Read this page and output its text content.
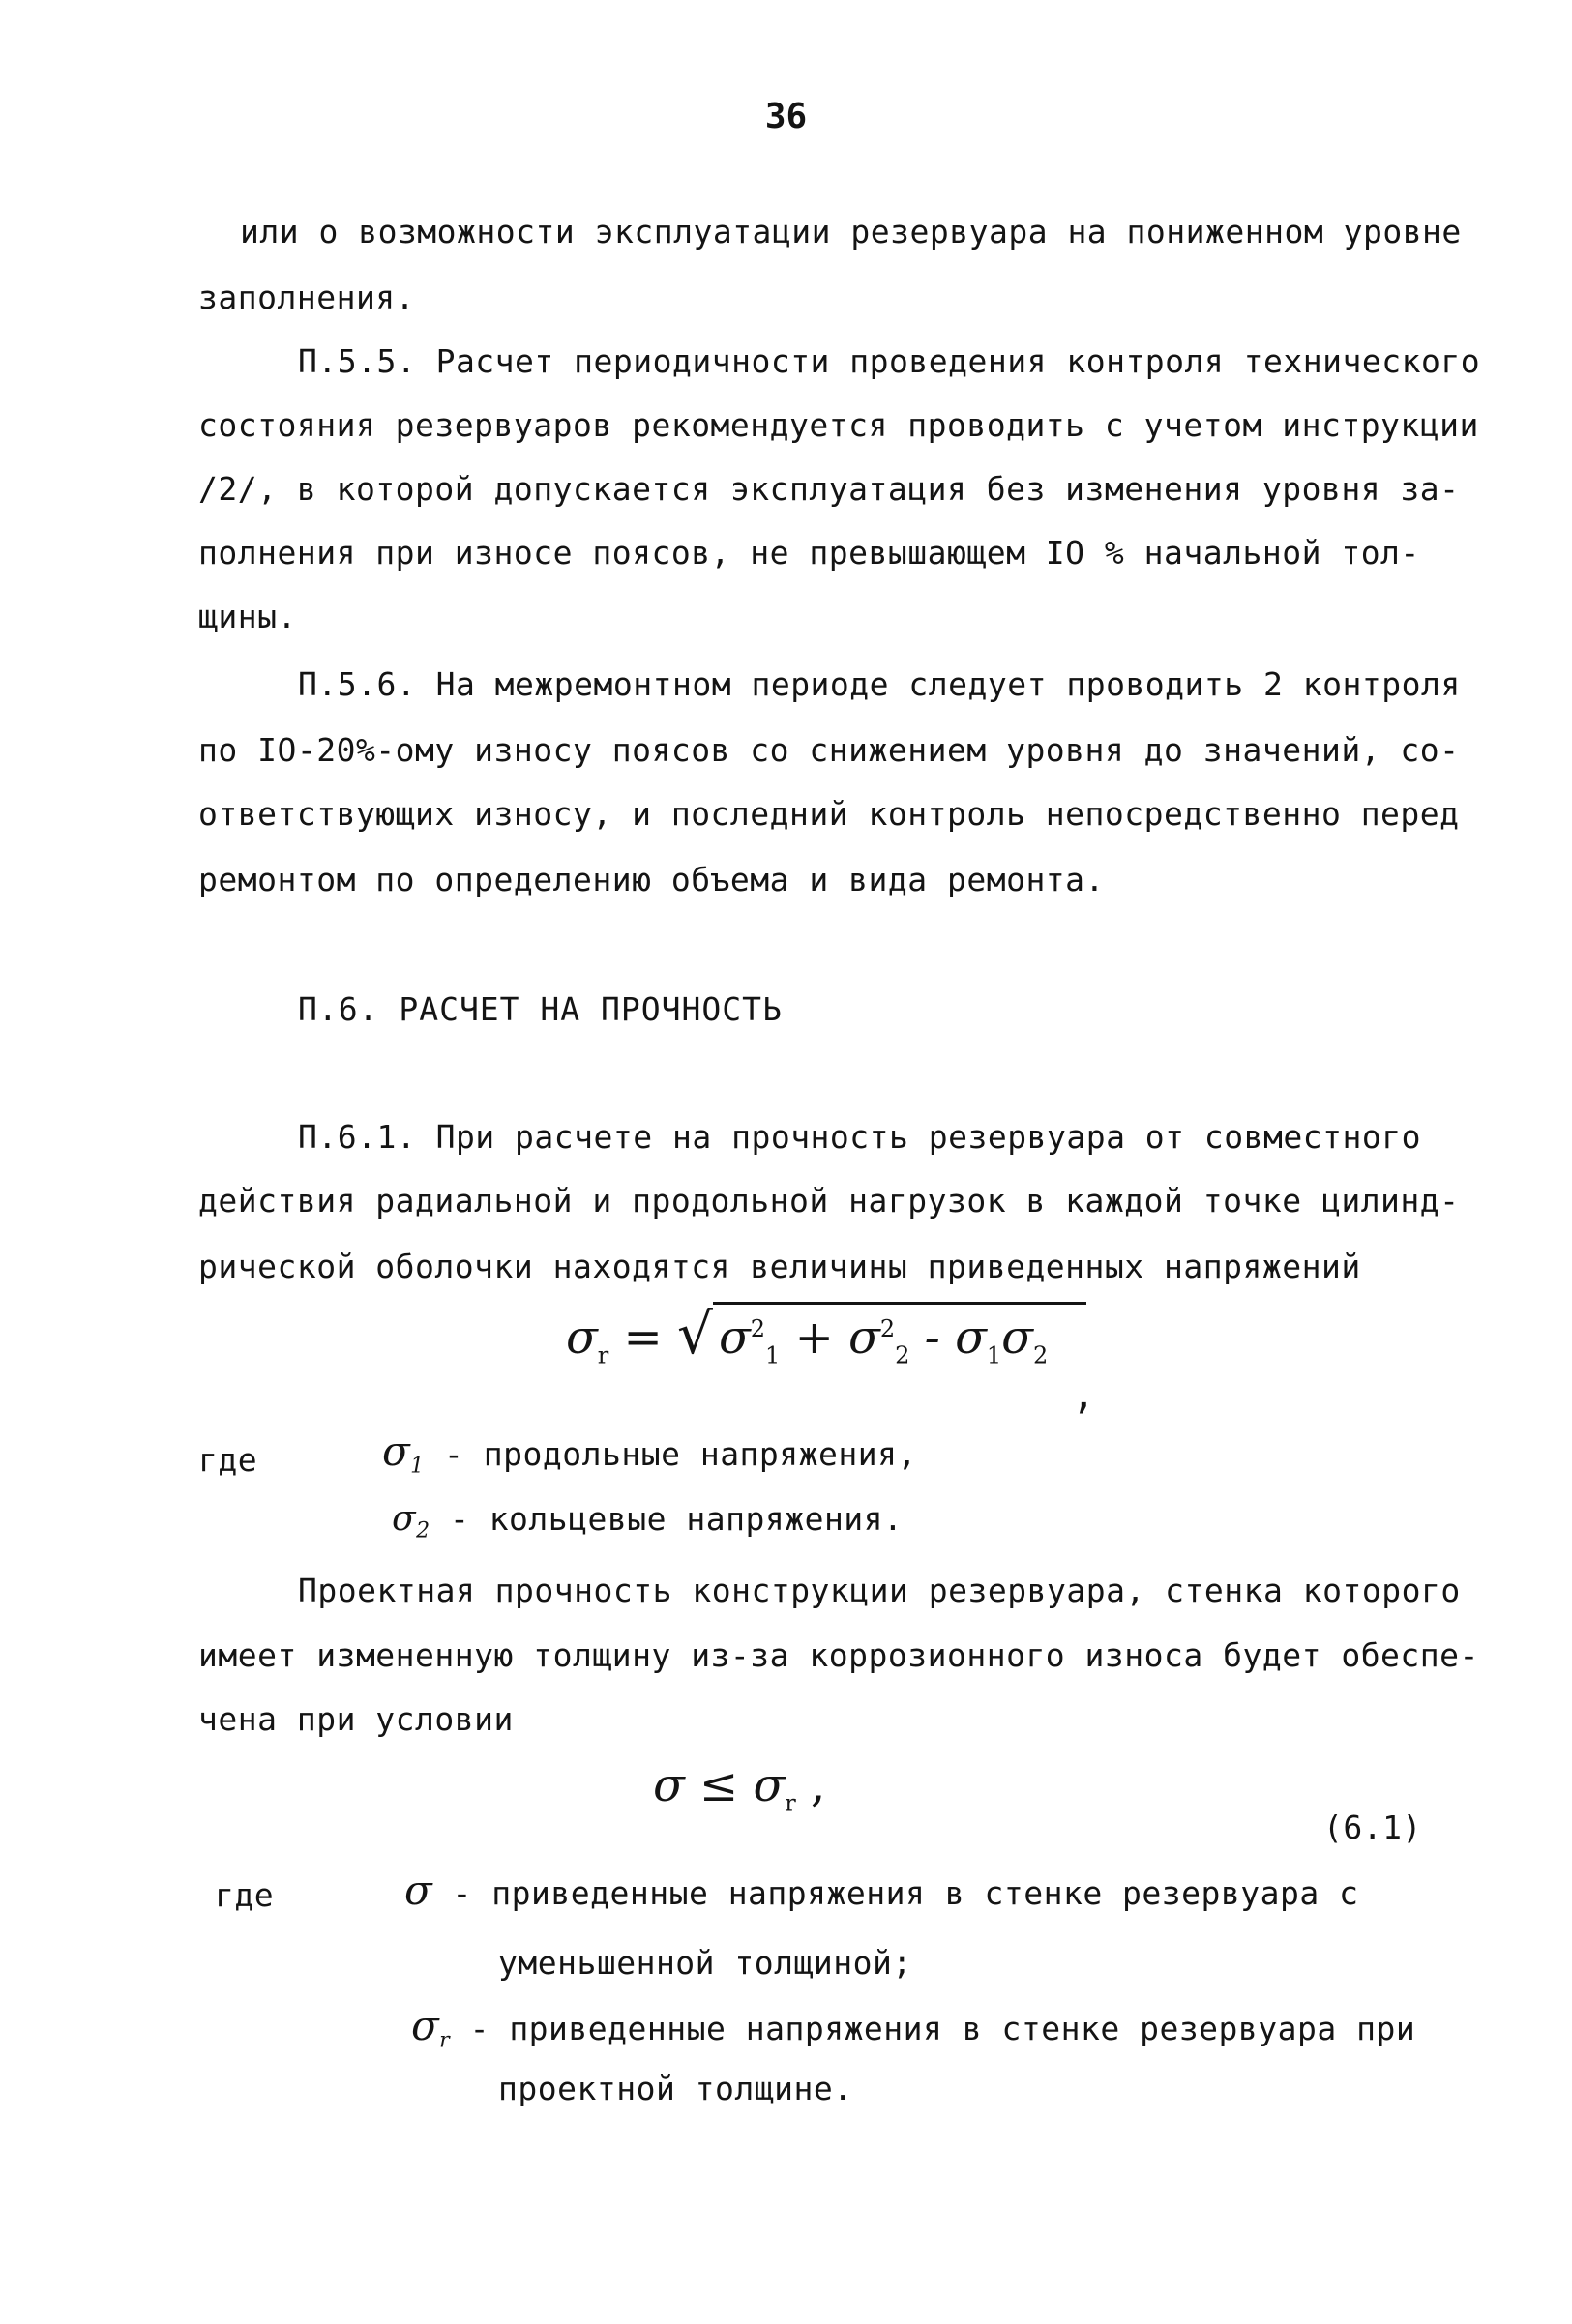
36
или о возможности эксплуатации резервуара на пониженном уровне
заполнения.
П.5.5. Расчет периодичности проведения контроля технического
состояния резервуаров рекомендуется проводить с учетом инструкции
/2/, в которой допускается эксплуатация без изменения уровня за-
полнения при износе поясов, не превышающем IO % начальной тол-
щины.
П.5.6. На межремонтном периоде следует проводить 2 контроля
по IO-20%-ому износу поясов со снижением уровня до значений, со-
ответствующих износу, и последний контроль непосредственно перед
ремонтом по определению объема и вида ремонта.
П.6. РАСЧЕТ НА ПРОЧНОСТЬ
П.6.1. При расчете на прочность резервуара от совместного
действия радиальной и продольной нагрузок в каждой точке цилинд-
рической оболочки находятся величины приведенных напряжений
$\sigma_r$ = √ $\sigma^2_1 + \sigma^2_2 - \sigma_1\sigma_2$
,
где	$\sigma_1$ - продольные напряжения,
$\sigma_2$ - кольцевые напряжения.
Проектная прочность конструкции резервуара, стенка которого
имеет измененную толщину из-за коррозионного износа будет обеспе-
чена при условии
$\sigma \le \sigma_r$ ,
(6.1)
где	σ - приведенные напряжения в стенке резервуара с
уменьшенной толщиной;
$\sigma_r$ - приведенные напряжения в стенке резервуара при
проектной толщине.
